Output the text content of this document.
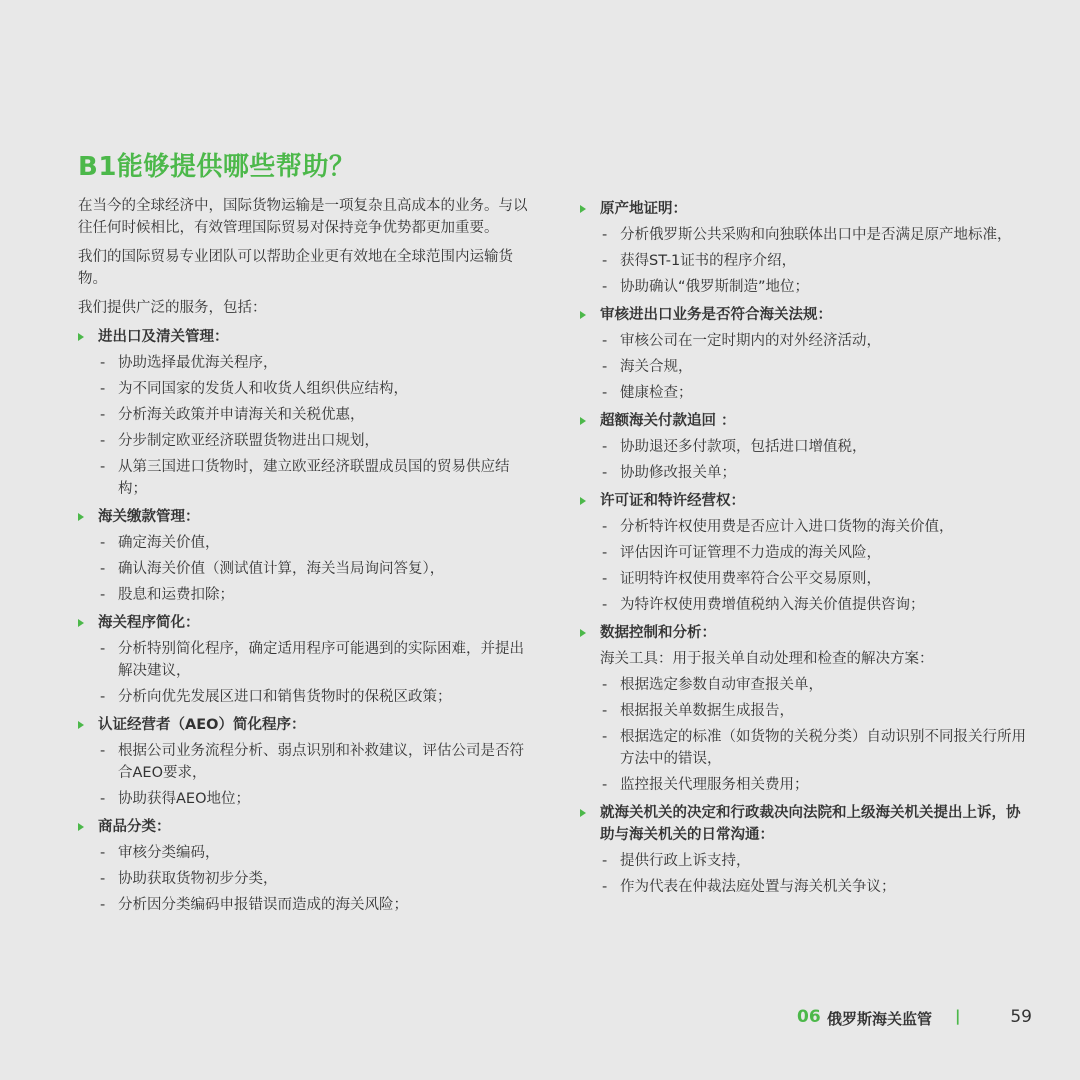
B1能够提供哪些帮助？

在当今的全球经济中，国际货物运输是一项复杂且高成本的业务。与以往任何时候相比，有效管理国际贸易对保持竞争优势都更加重要。

我们的国际贸易专业团队可以帮助企业更有效地在全球范围内运输货物。

我们提供广泛的服务，包括：

进出口及清关管理：
- 协助选择最优海关程序，
- 为不同国家的发货人和收货人组织供应结构，
- 分析海关政策并申请海关和关税优惠，
- 分步制定欧亚经济联盟货物进出口规划，
- 从第三国进口货物时，建立欧亚经济联盟成员国的贸易供应结构；
海关缴款管理：
- 确定海关价值，
- 确认海关价值（测试值计算，海关当局询问答复），
- 股息和运费扣除；
海关程序简化：
- 分析特别简化程序，确定适用程序可能遇到的实际困难，并提出解决建议，
- 分析向优先发展区进口和销售货物时的保税区政策；
认证经营者（AEO）简化程序：
- 根据公司业务流程分析、弱点识别和补救建议，评估公司是否符合AEO要求，
- 协助获得AEO地位；
商品分类：
- 审核分类编码，
- 协助获取货物初步分类，
- 分析因分类编码申报错误而造成的海关风险；
原产地证明：
- 分析俄罗斯公共采购和向独联体出口中是否满足原产地标准，
- 获得ST-1证书的程序介绍，
- 协助确认“俄罗斯制造”地位；
审核进出口业务是否符合海关法规：
- 审核公司在一定时期内的对外经济活动，
- 海关合规，
- 健康检查；
超额海关付款追回 ：
- 协助退还多付款项，包括进口增值税，
- 协助修改报关单；
许可证和特许经营权：
- 分析特许权使用费是否应计入进口货物的海关价值，
- 评估因许可证管理不力造成的海关风险，
- 证明特许权使用费率符合公平交易原则，
- 为特许权使用费增值税纳入海关价值提供咨询；
数据控制和分析：
海关工具：用于报关单自动处理和检查的解决方案：
- 根据选定参数自动审查报关单，
- 根据报关单数据生成报告，
- 根据选定的标准（如货物的关税分类）自动识别不同报关行所用方法中的错误，
- 监控报关代理服务相关费用；
就海关机关的决定和行政裁决向法院和上级海关机关提出上诉，协助与海关机关的日常沟通：
- 提供行政上诉支持，
- 作为代表在仲裁法庭处置与海关机关争议；
06 俄罗斯海关监管 |	59
